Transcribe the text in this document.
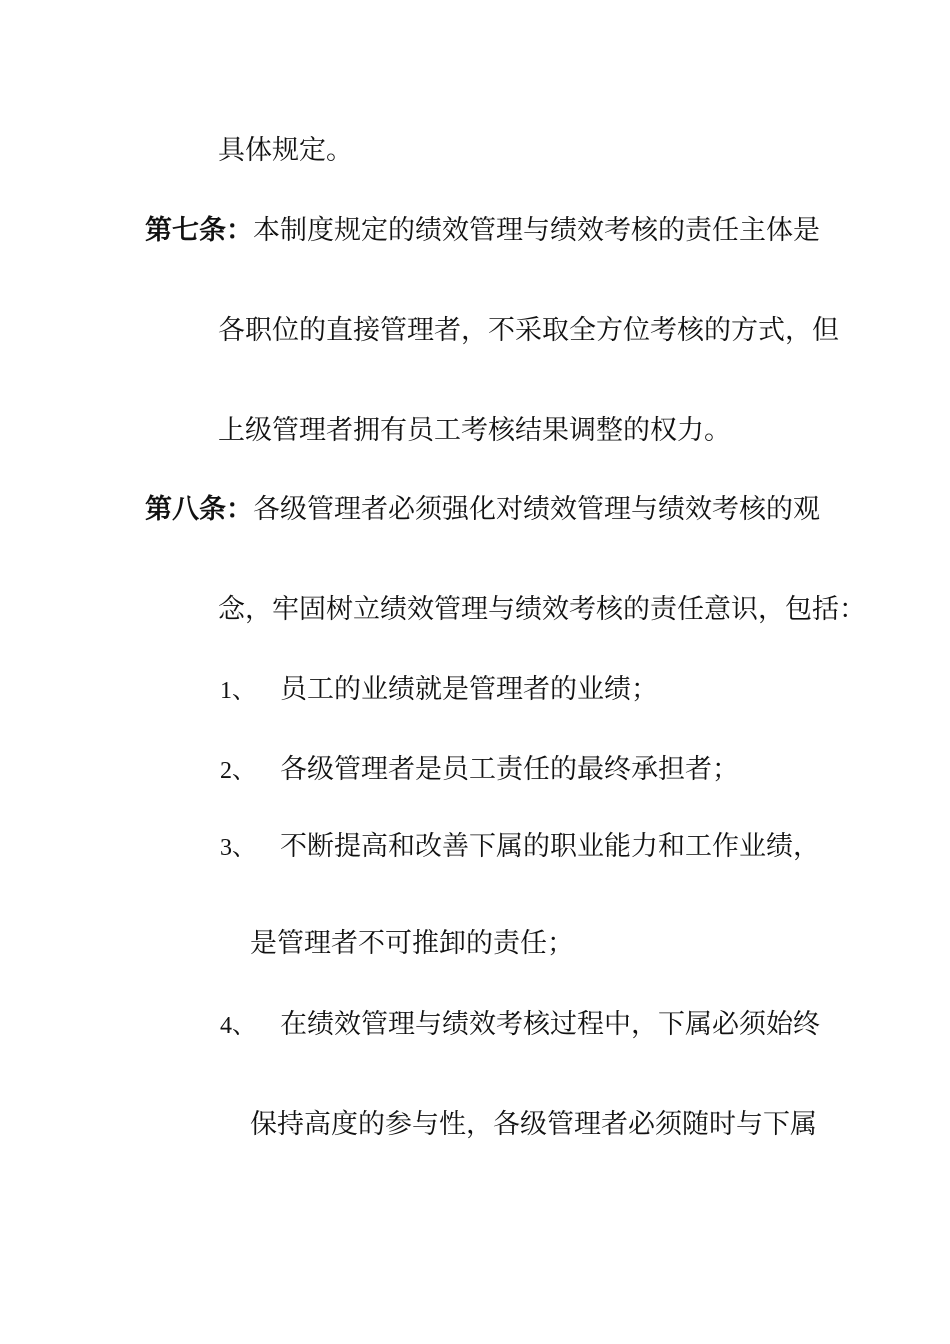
具体规定。
第七条： 本制度规定的绩效管理与绩效考核的责任主体是
各职位的直接管理者，不采取全方位考核的方式，但
上级管理者拥有员工考核结果调整的权力。
第八条： 各级管理者必须强化对绩效管理与绩效考核的观
念，牢固树立绩效管理与绩效考核的责任意识，包括：
1、 员工的业绩就是管理者的业绩；
2、 各级管理者是员工责任的最终承担者；
3、 不断提高和改善下属的职业能力和工作业绩，
是管理者不可推卸的责任；
4、 在绩效管理与绩效考核过程中，下属必须始终
保持高度的参与性，各级管理者必须随时与下属
